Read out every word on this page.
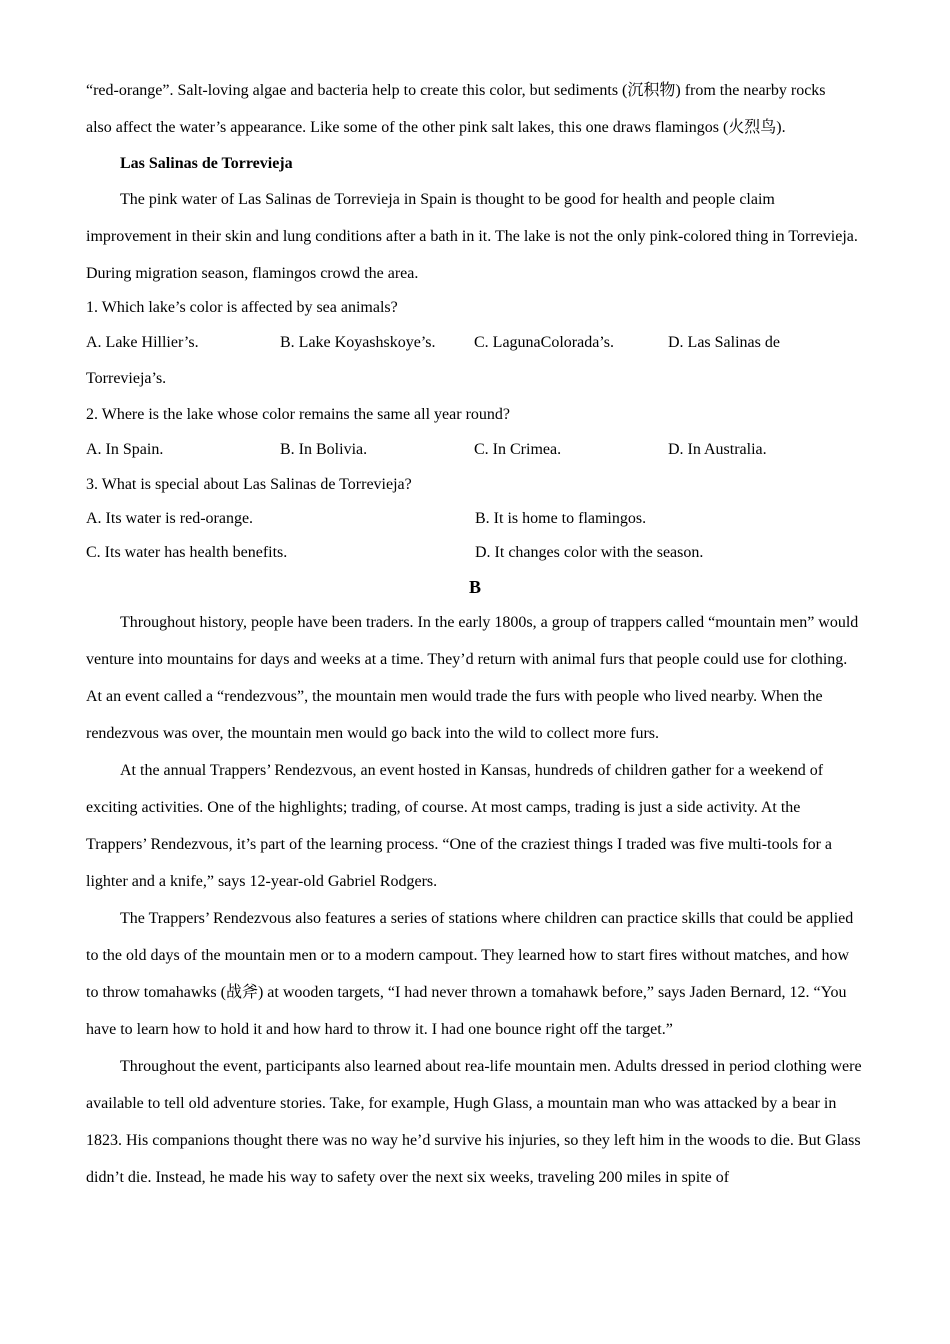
“red-orange”. Salt-loving algae and bacteria help to create this color, but sediments (沉积物) from the nearby rocks

also affect the water’s appearance. Like some of the other pink salt lakes, this one draws flamingos (火烈鸟).

Las Salinas de Torrevieja

The pink water of Las Salinas de Torrevieja in Spain is thought to be good for health and people claim improvement in their skin and lung conditions after a bath in it. The lake is not the only pink-colored thing in Torrevieja. During migration season, flamingos crowd the area.

1. Which lake’s color is affected by sea animals?

A. Lake Hillier’s.	B. Lake Koyashskoye’s.	C. LagunaColorada’s.	D. Las Salinas de

Torrevieja’s.

2. Where is the lake whose color remains the same all year round?

A. In Spain.	B. In Bolivia.	C. In Crimea.	D. In Australia.

3. What is special about Las Salinas de Torrevieja?

A. Its water is red-orange.	B. It is home to flamingos.
C. Its water has health benefits.	D. It changes color with the season.

B

Throughout history, people have been traders. In the early 1800s, a group of trappers called “mountain men” would venture into mountains for days and weeks at a time. They’d return with animal furs that people could use for clothing. At an event called a “rendezvous”, the mountain men would trade the furs with people who lived nearby. When the rendezvous was over, the mountain men would go back into the wild to collect more furs.

At the annual Trappers’ Rendezvous, an event hosted in Kansas, hundreds of children gather for a weekend of exciting activities. One of the highlights; trading, of course. At most camps, trading is just a side activity. At the Trappers’ Rendezvous, it’s part of the learning process. “One of the craziest things I traded was five multi-tools for a lighter and a knife,” says 12-year-old Gabriel Rodgers.

The Trappers’ Rendezvous also features a series of stations where children can practice skills that could be applied to the old days of the mountain men or to a modern campout. They learned how to start fires without matches, and how to throw tomahawks (战斧) at wooden targets, “I had never thrown a tomahawk before,” says Jaden Bernard, 12. “You have to learn how to hold it and how hard to throw it. I had one bounce right off the target.”

Throughout the event, participants also learned about rea-life mountain men. Adults dressed in period clothing were available to tell old adventure stories. Take, for example, Hugh Glass, a mountain man who was attacked by a bear in 1823. His companions thought there was no way he’d survive his injuries, so they left him in the woods to die. But Glass didn’t die. Instead, he made his way to safety over the next six weeks, traveling 200 miles in spite of
